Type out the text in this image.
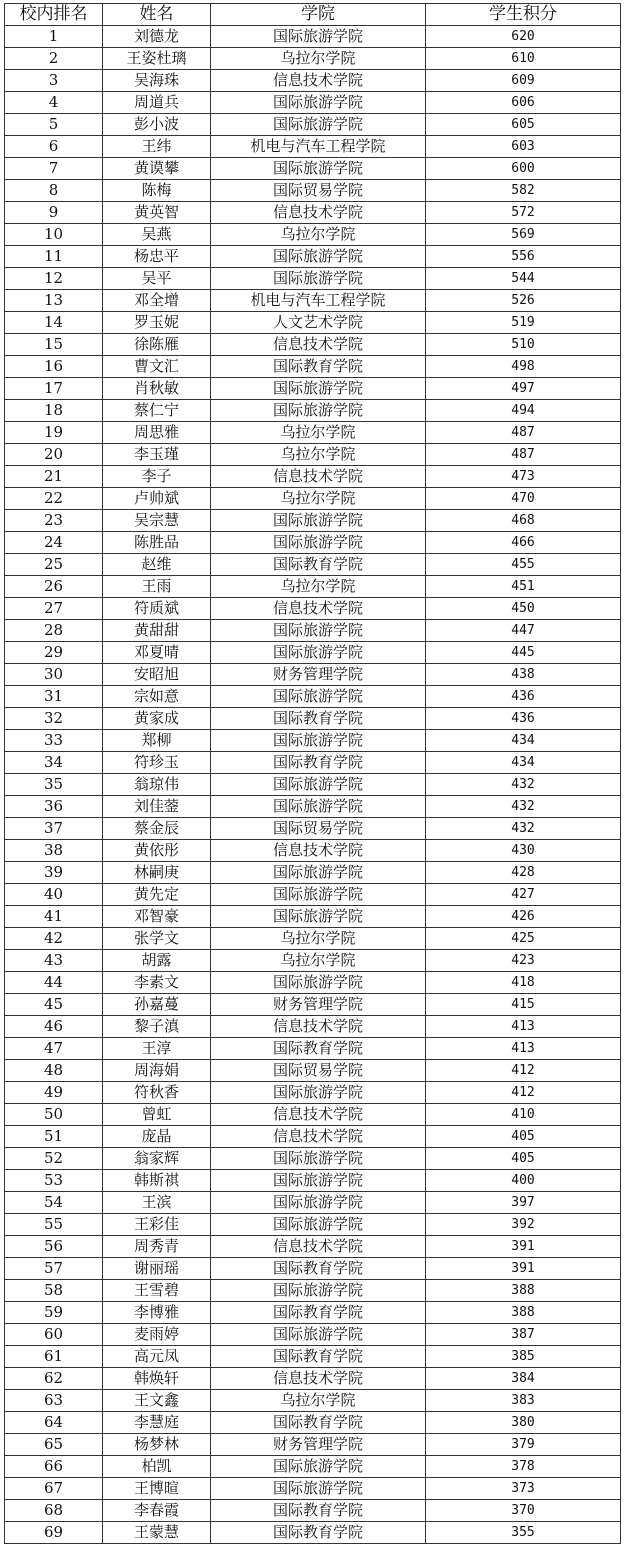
校内排名	姓名	学院	学生积分
1	刘德龙	国际旅游学院	620
2	王姿杜璃	乌拉尔学院	610
3	吴海珠	信息技术学院	609
4	周道兵	国际旅游学院	606
5	彭小波	国际旅游学院	605
6	王纬	机电与汽车工程学院	603
7	黄谟攀	国际旅游学院	600
8	陈梅	国际贸易学院	582
9	黄英智	信息技术学院	572
10	吴燕	乌拉尔学院	569
11	杨忠平	国际旅游学院	556
12	吴平	国际旅游学院	544
13	邓全增	机电与汽车工程学院	526
14	罗玉妮	人文艺术学院	519
15	徐陈雁	信息技术学院	510
16	曹文汇	国际教育学院	498
17	肖秋敏	国际旅游学院	497
18	蔡仁宁	国际旅游学院	494
19	周思雅	乌拉尔学院	487
20	李玉瑾	乌拉尔学院	487
21	李子	信息技术学院	473
22	卢帅斌	乌拉尔学院	470
23	吴宗慧	国际旅游学院	468
24	陈胜品	国际旅游学院	466
25	赵维	国际教育学院	455
26	王雨	乌拉尔学院	451
27	符质斌	信息技术学院	450
28	黄甜甜	国际旅游学院	447
29	邓夏晴	国际旅游学院	445
30	安昭旭	财务管理学院	438
31	宗如意	国际旅游学院	436
32	黄家成	国际教育学院	436
33	郑柳	国际旅游学院	434
34	符珍玉	国际教育学院	434
35	翁琼伟	国际旅游学院	432
36	刘佳蓥	国际旅游学院	432
37	蔡金辰	国际贸易学院	432
38	黄依彤	信息技术学院	430
39	林嗣庚	国际旅游学院	428
40	黄先定	国际旅游学院	427
41	邓智豪	国际旅游学院	426
42	张学文	乌拉尔学院	425
43	胡露	乌拉尔学院	423
44	李素文	国际旅游学院	418
45	孙嘉蔓	财务管理学院	415
46	黎子滇	信息技术学院	413
47	王淳	国际教育学院	413
48	周海娟	国际贸易学院	412
49	符秋香	国际旅游学院	412
50	曾虹	信息技术学院	410
51	庞晶	信息技术学院	405
52	翁家辉	国际旅游学院	405
53	韩斯祺	国际旅游学院	400
54	王滨	国际旅游学院	397
55	王彩佳	国际旅游学院	392
56	周秀青	信息技术学院	391
57	谢丽瑶	国际教育学院	391
58	王雪碧	国际旅游学院	388
59	李博雅	国际教育学院	388
60	麦雨婷	国际旅游学院	387
61	高元凤	国际教育学院	385
62	韩焕轩	信息技术学院	384
63	王文鑫	乌拉尔学院	383
64	李慧庭	国际教育学院	380
65	杨梦林	财务管理学院	379
66	柏凯	国际旅游学院	378
67	王博暄	国际旅游学院	373
68	李春霞	国际教育学院	370
69	王蒙慧	国际教育学院	355
